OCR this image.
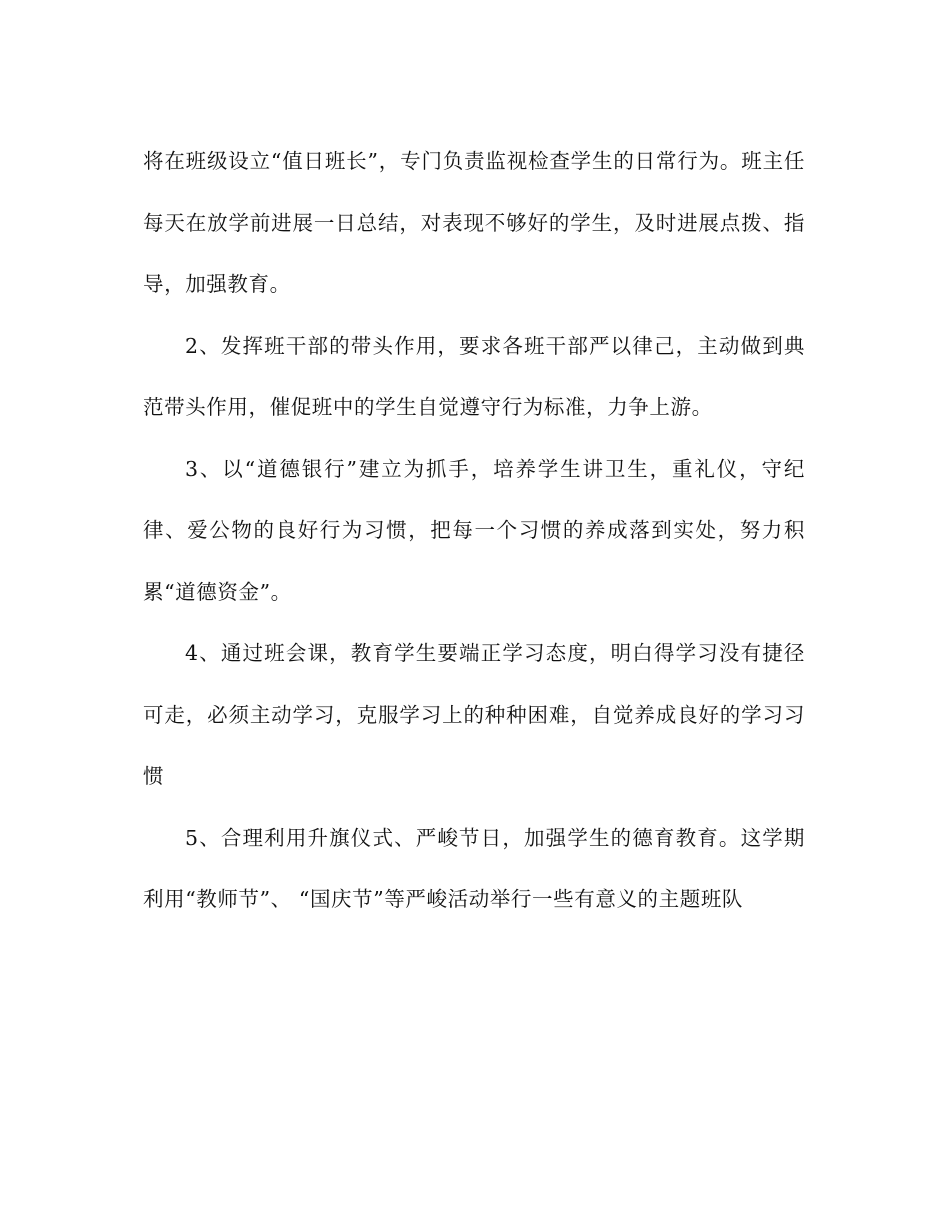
将在班级设立“值日班长”，专门负责监视检查学生的日常行为。班主任每天在放学前进展一日总结，对表现不够好的学生，及时进展点拨、指导，加强教育。

2、发挥班干部的带头作用，要求各班干部严以律己，主动做到典范带头作用，催促班中的学生自觉遵守行为标准，力争上游。

3、以“道德银行”建立为抓手，培养学生讲卫生，重礼仪，守纪律、爱公物的良好行为习惯，把每一个习惯的养成落到实处，努力积累“道德资金”。

4、通过班会课，教育学生要端正学习态度，明白得学习没有捷径可走，必须主动学习，克服学习上的种种困难，自觉养成良好的学习习惯

5、合理利用升旗仪式、严峻节日，加强学生的德育教育。这学期利用“教师节”、 “国庆节”等严峻活动举行一些有意义的主题班队
